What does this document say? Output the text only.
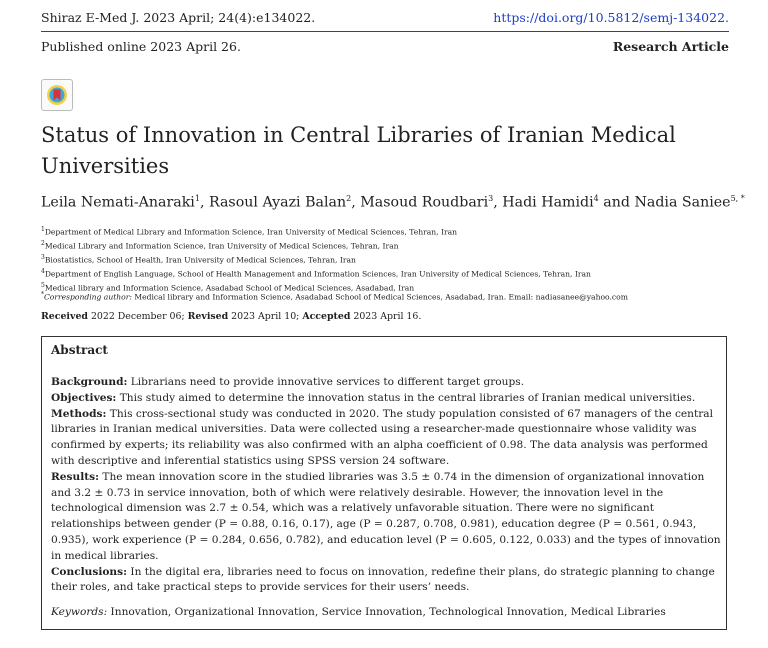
Shiraz E-Med J. 2023 April; 24(4):e134022.	https://doi.org/10.5812/semj-134022.
Published online 2023 April 26.	Research Article
Status of Innovation in Central Libraries of Iranian Medical Universities
Leila Nemati-Anaraki$^1$, Rasoul Ayazi Balan$^2$, Masoud Roudbari$^3$, Hadi Hamidi$^4$ and Nadia Saniee$^{5, *}$
$^1$Department of Medical Library and Information Science, Iran University of Medical Sciences, Tehran, Iran
$^2$Medical Library and Information Science, Iran University of Medical Sciences, Tehran, Iran
$^3$Biostatistics, School of Health, Iran University of Medical Sciences, Tehran, Iran
$^4$Department of English Language, School of Health Management and Information Sciences, Iran University of Medical Sciences, Tehran, Iran
$^5$Medical library and Information Science, Asadabad School of Medical Sciences, Asadabad, Iran
*Corresponding author: Medical library and Information Science, Asadabad School of Medical Sciences, Asadabad, Iran. Email: nadiasanee@yahoo.com
Received 2022 December 06; Revised 2023 April 10; Accepted 2023 April 16.
Abstract

Background: Librarians need to provide innovative services to different target groups.

Objectives: This study aimed to determine the innovation status in the central libraries of Iranian medical universities.

Methods: This cross-sectional study was conducted in 2020. The study population consisted of 67 managers of the central libraries in Iranian medical universities. Data were collected using a researcher-made questionnaire whose validity was confirmed by experts; its reliability was also confirmed with an alpha coefficient of 0.98. The data analysis was performed with descriptive and inferential statistics using SPSS version 24 software.

Results: The mean innovation score in the studied libraries was 3.5 ± 0.74 in the dimension of organizational innovation and 3.2 ± 0.73 in service innovation, both of which were relatively desirable. However, the innovation level in the technological dimension was 2.7 ± 0.54, which was a relatively unfavorable situation. There were no significant relationships between gender (P = 0.88, 0.16, 0.17), age (P = 0.287, 0.708, 0.981), education degree (P = 0.561, 0.943, 0.935), work experience (P = 0.284, 0.656, 0.782), and education level (P = 0.605, 0.122, 0.033) and the types of innovation in medical libraries.

Conclusions: In the digital era, libraries need to focus on innovation, redefine their plans, do strategic planning to change their roles, and take practical steps to provide services for their users’ needs.

Keywords: Innovation, Organizational Innovation, Service Innovation, Technological Innovation, Medical Libraries
